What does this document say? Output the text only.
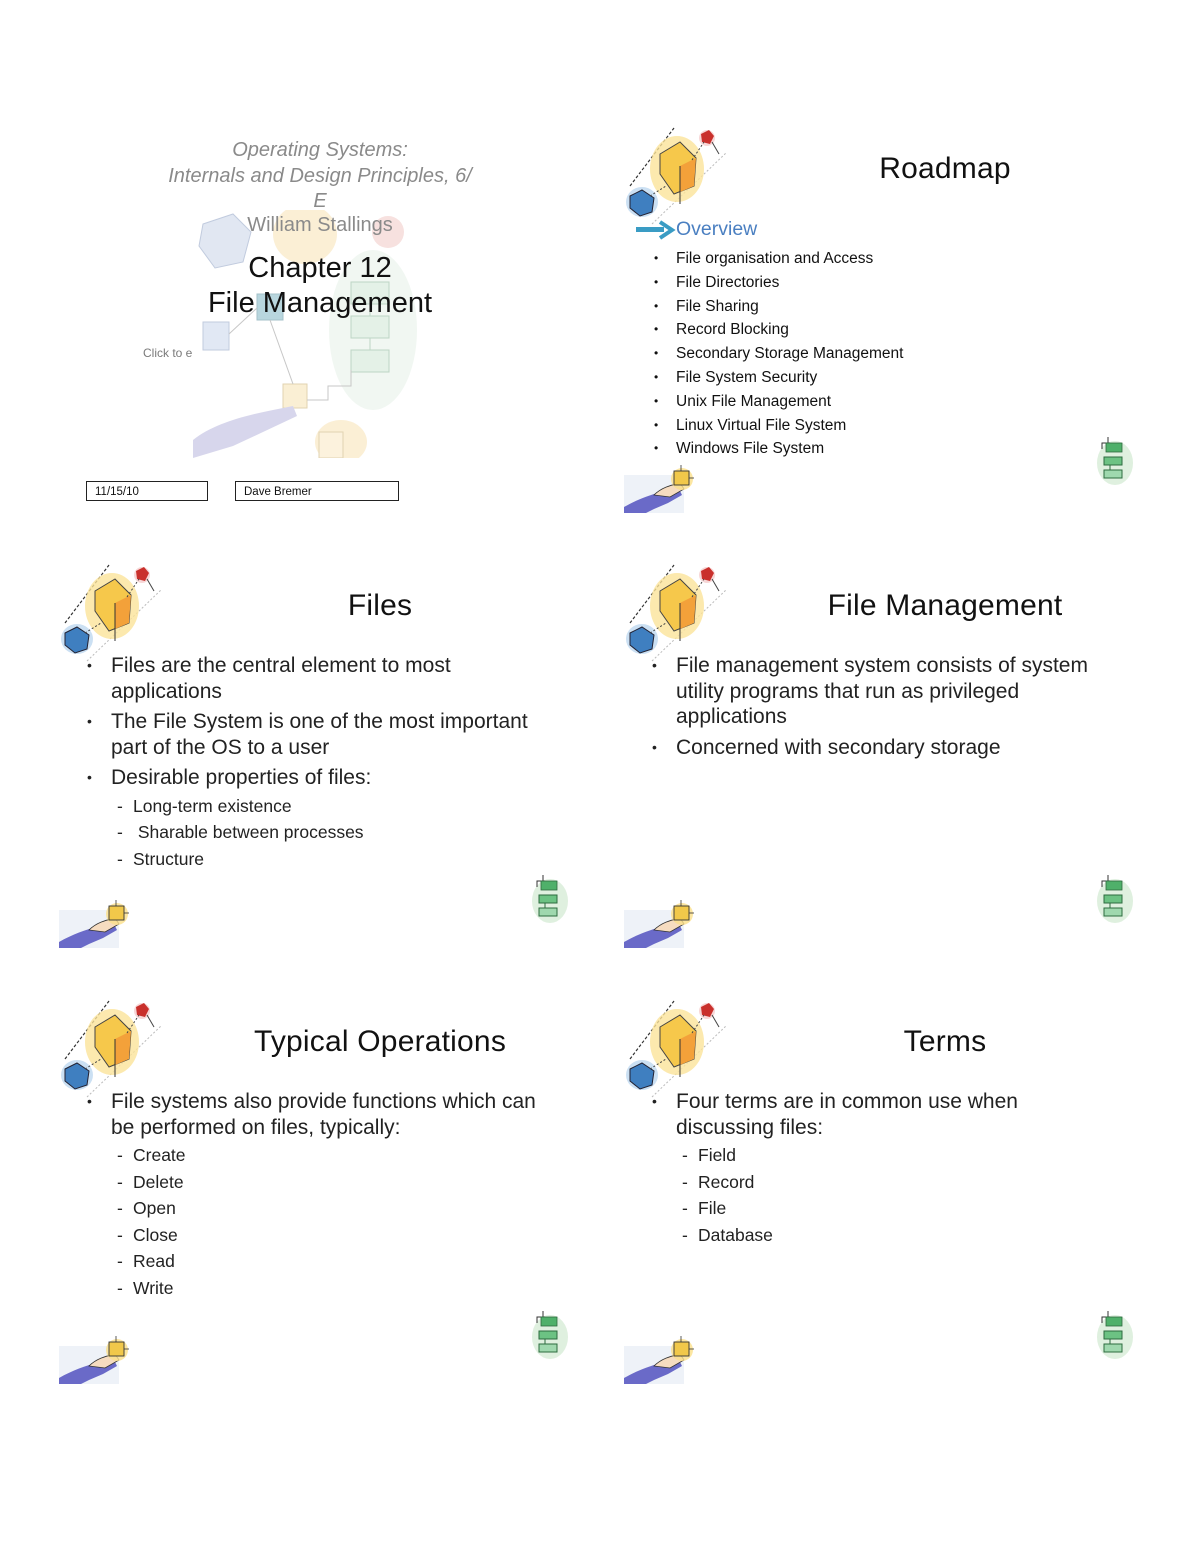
Operating Systems:
Internals and Design Principles, 6/
E
William Stallings
Chapter 12
File Management
Click to e
11/15/10	Dave Bremer
Roadmap
Overview
• File organisation and Access
• File Directories
• File Sharing
• Record Blocking
• Secondary Storage Management
• File System Security
• Unix File Management
• Linux Virtual File System
• Windows File System
Files
• Files are the central element to most applications
• The File System is one of the most important part of the OS to a user
• Desirable properties of files:
- Long-term existence
- Sharable between processes
- Structure
File Management
• File management system consists of system utility programs that run as privileged applications
• Concerned with secondary storage
Typical Operations
• File systems also provide functions which can be performed on files, typically:
- Create
- Delete
- Open
- Close
- Read
- Write
Terms
• Four terms are in common use when discussing files:
- Field
- Record
- File
- Database
